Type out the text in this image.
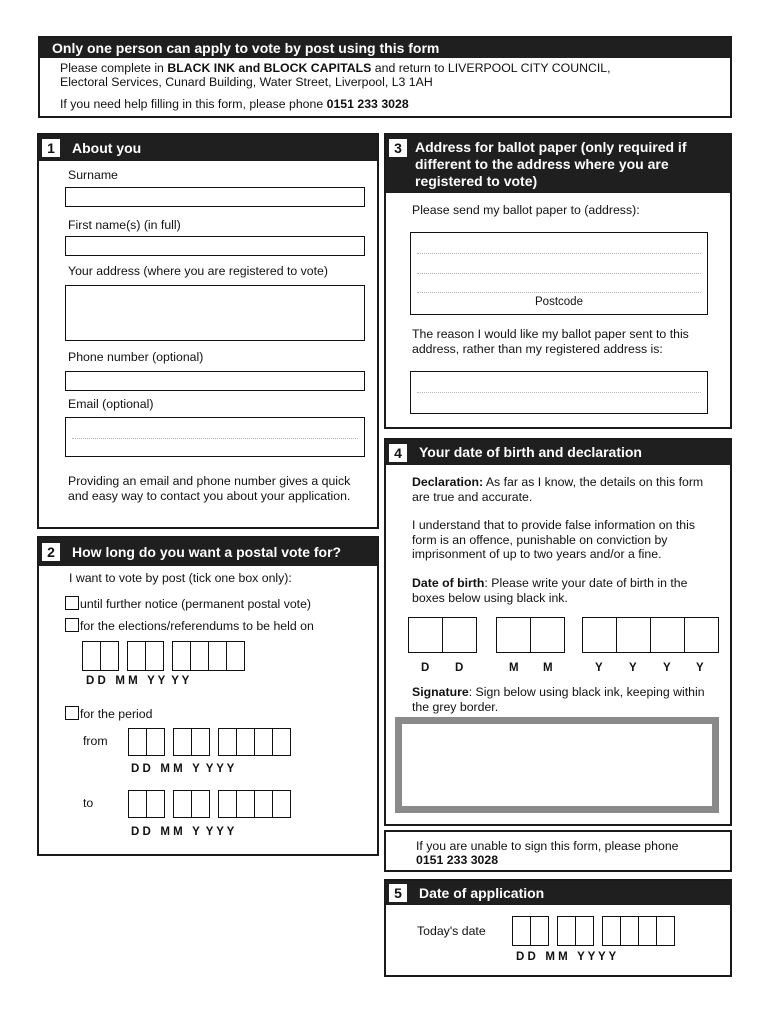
Only one person can apply to vote by post using this form
Please complete in BLACK INK and BLOCK CAPITALS and return to LIVERPOOL CITY COUNCIL,
Electoral Services, Cunard Building, Water Street, Liverpool, L3 1AH
If you need help filling in this form, please phone 0151 233 3028
1	About you
Surname
First name(s) (in full)
Your address (where you are registered to vote)
Phone number (optional)
Email (optional)
Providing an email and phone number gives a quick and easy way to contact you about your application.
2	How long do you want a postal vote for?
I want to vote by post (tick one box only):
until further notice (permanent postal vote)
for the elections/referendums to be held on
D D   M M   Y Y  Y Y
for the period
from
D D   M M   Y  Y Y Y
to
D D   M M   Y  Y Y Y
3 Address for ballot paper (only required if different to the address where you are registered to vote)
Please send my ballot paper to (address):
Postcode
The reason I would like my ballot paper sent to this address, rather than my registered address is:
4	Your date of birth and declaration
Declaration: As far as I know, the details on this form are true and accurate.
I understand that to provide false information on this form is an offence, punishable on conviction by imprisonment of up to two years and/or a fine.
Date of birth: Please write your date of birth in the boxes below using black ink.
D D	M M	Y Y Y Y
Signature: Sign below using black ink, keeping within the grey border.
If you are unable to sign this form, please phone
0151 233 3028
5	Date of application
Today's date
D D   M M   Y Y Y Y
